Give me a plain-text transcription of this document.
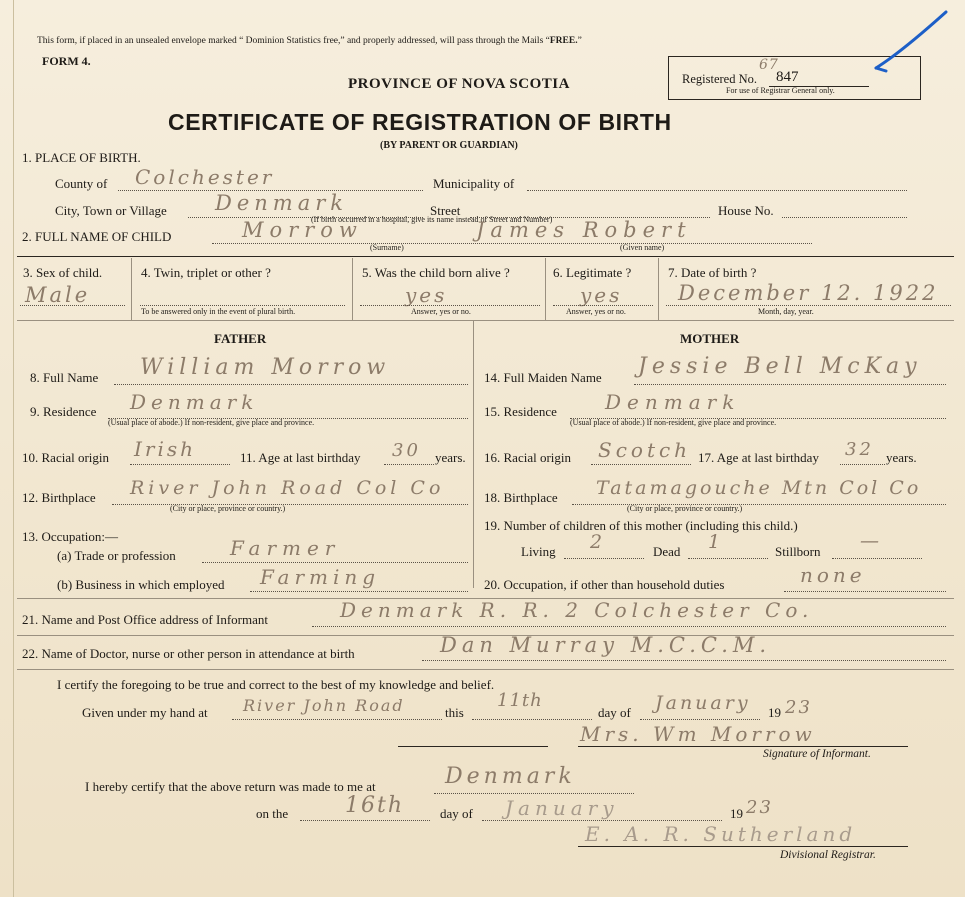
This form, if placed in an unsealed envelope marked “ Dominion Statistics free,” and properly addressed, will pass through the Mails “FREE.”
FORM 4.
PROVINCE OF NOVA SCOTIA	Registered No.
67
847
For use of Registrar General only.
CERTIFICATE OF REGISTRATION OF BIRTH
(BY PARENT OR GUARDIAN)
1. PLACE OF BIRTH.
County of Colchester	Municipality of
City, Town or Village Denmark	Street	House No.
(If birth occurred in a hospital, give its name instead of Street and Number)
2. FULL NAME OF CHILD	Morrow	James Robert
(Surname)	(Given name)
3. Sex of child.
Male
4. Twin, triplet or other ?
To be answered only in the event of plural birth.
5. Was the child born alive ?
yes
Answer, yes or no.
6. Legitimate ?
yes
Answer, yes or no.
7. Date of birth ?
December 12. 1922
Month, day, year.
FATHER	MOTHER
8. Full Name William Morrow
9. Residence Denmark
(Usual place of abode.) If non-resident, give place and province.
10. Racial origin Irish	11. Age at last birthday 30 years.
12. Birthplace River John Road Col Co
(City or place, province or country.)
13. Occupation:—
(a) Trade or profession	Farmer
(b) Business in which employed Farming
14. Full Maiden Name Jessie Bell McKay
15. Residence Denmark
(Usual place of abode.) If non-resident, give place and province.
16. Racial origin Scotch 17. Age at last birthday 32 years.
18. Birthplace Tatamagouche Mtn Col Co
(City or place, province or country.)
19. Number of children of this mother (including this child.)
Living 2	Dead 1	Stillborn —
20. Occupation, if other than household duties	none
21. Name and Post Office address of Informant	Denmark R. R. 2 Colchester Co.
22. Name of Doctor, nurse or other person in attendance at birth	Dan Murray M.C.C.M.
I certify the foregoing to be true and correct to the best of my knowledge and belief.
Given under my hand at River John Road	this
11th
day of January 19 23
Mrs. Wm Morrow
Signature of Informant.
I hereby certify that the above return was made to me at	Denmark
on the	16th	day of January	19 23
E. A. R. Sutherland
Divisional Registrar.
